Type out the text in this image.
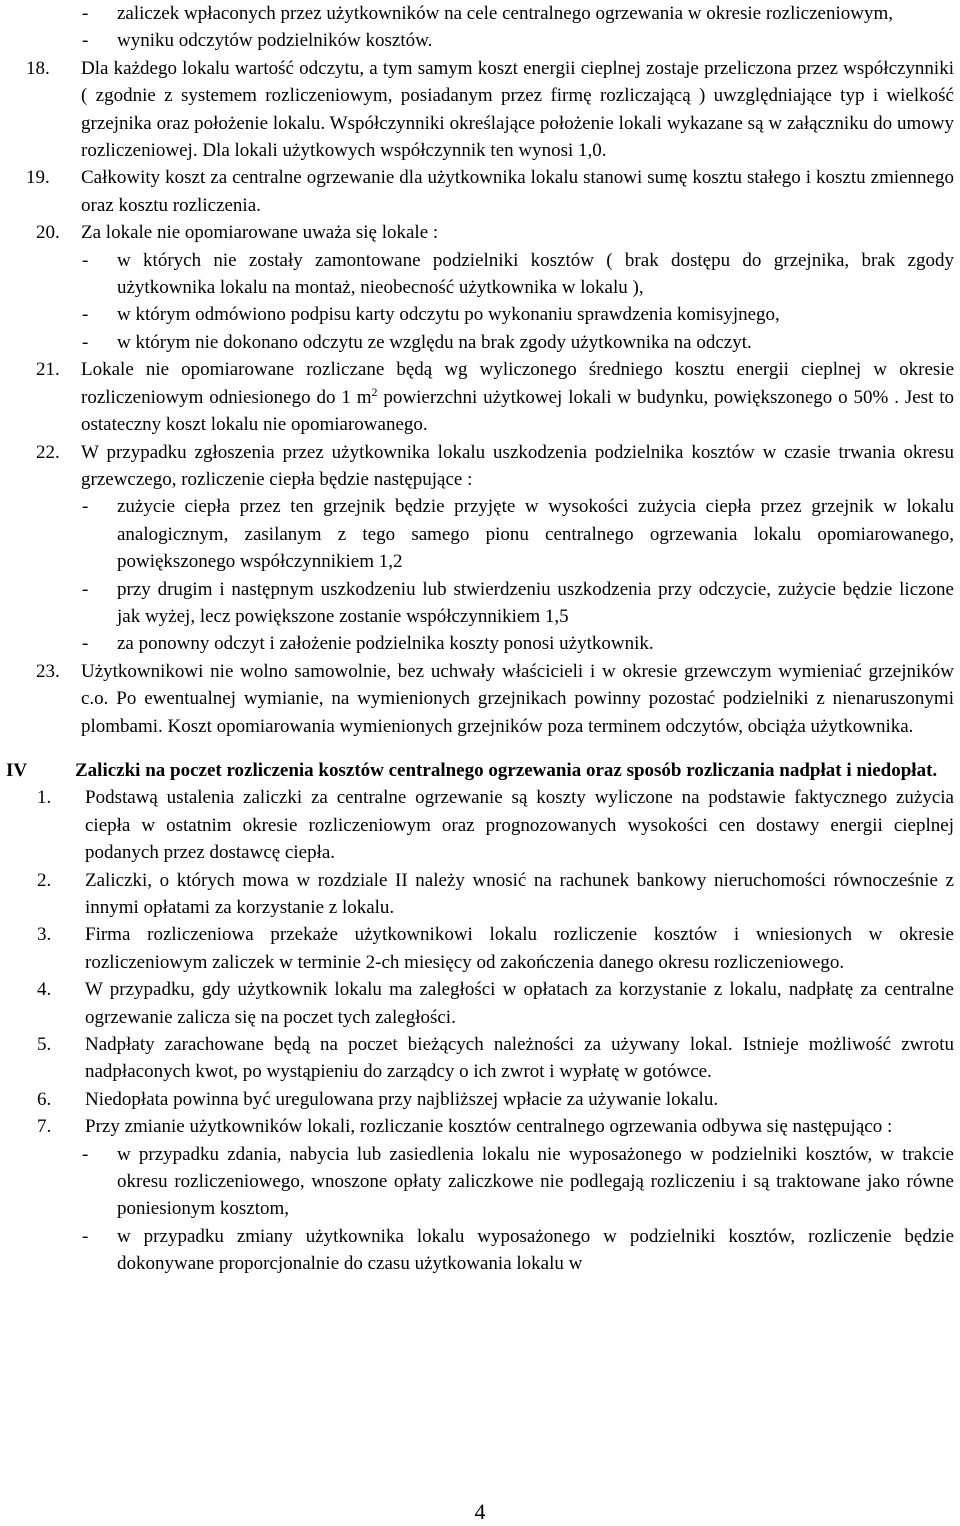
- zaliczek wpłaconych przez użytkowników na cele centralnego ogrzewania w okresie rozliczeniowym,
- wyniku odczytów podzielników kosztów.
18. Dla każdego lokalu wartość odczytu, a tym samym koszt energii cieplnej zostaje przeliczona przez współczynniki ( zgodnie z systemem rozliczeniowym, posiadanym przez firmę rozliczającą ) uwzględniające typ i wielkość grzejnika oraz położenie lokalu. Współczynniki określające położenie lokali wykazane są w załączniku do umowy rozliczeniowej. Dla lokali użytkowych współczynnik ten wynosi 1,0.
19. Całkowity koszt za centralne ogrzewanie dla użytkownika lokalu stanowi sumę kosztu stałego i kosztu zmiennego oraz kosztu rozliczenia.
20. Za lokale nie opomiarowane uważa się lokale :
- w których nie zostały zamontowane podzielniki kosztów ( brak dostępu do grzejnika, brak zgody użytkownika lokalu na montaż, nieobecność użytkownika w lokalu ),
- w którym odmówiono podpisu karty odczytu po wykonaniu sprawdzenia komisyjnego,
- w którym nie dokonano odczytu ze względu na brak zgody użytkownika na odczyt.
21. Lokale nie opomiarowane rozliczane będą wg wyliczonego średniego kosztu energii cieplnej w okresie rozliczeniowym odniesionego do 1 $m^2$ powierzchni użytkowej lokali w budynku, powiększonego o 50% . Jest to ostateczny koszt lokalu nie opomiarowanego.
22. W przypadku zgłoszenia przez użytkownika lokalu uszkodzenia podzielnika kosztów w czasie trwania okresu grzewczego, rozliczenie ciepła będzie następujące :
- zużycie ciepła przez ten grzejnik będzie przyjęte w wysokości zużycia ciepła przez grzejnik w lokalu analogicznym, zasilanym z tego samego pionu centralnego ogrzewania lokalu opomiarowanego, powiększonego współczynnikiem 1,2
- przy drugim i następnym uszkodzeniu lub stwierdzeniu uszkodzenia przy odczycie, zużycie będzie liczone jak wyżej, lecz powiększone zostanie współczynnikiem 1,5
- za ponowny odczyt i założenie podzielnika koszty ponosi użytkownik.
23. Użytkownikowi nie wolno samowolnie, bez uchwały właścicieli i w okresie grzewczym wymieniać grzejników c.o. Po ewentualnej wymianie, na wymienionych grzejnikach powinny pozostać podzielniki z nienaruszonymi plombami. Koszt opomiarowania wymienionych grzejników poza terminem odczytów, obciąża użytkownika.
IV	Zaliczki na poczet rozliczenia kosztów centralnego ogrzewania oraz sposób rozliczania nadpłat i niedopłat.
1. Podstawą ustalenia zaliczki za centralne ogrzewanie są koszty wyliczone na podstawie faktycznego zużycia ciepła w ostatnim okresie rozliczeniowym oraz prognozowanych wysokości cen dostawy energii cieplnej podanych przez dostawcę ciepła.
2. Zaliczki, o których mowa w rozdziale II należy wnosić na rachunek bankowy nieruchomości równocześnie z innymi opłatami za korzystanie z lokalu.
3. Firma rozliczeniowa przekaże użytkownikowi lokalu rozliczenie kosztów i wniesionych w okresie rozliczeniowym zaliczek w terminie 2-ch miesięcy od zakończenia danego okresu rozliczeniowego.
4. W przypadku, gdy użytkownik lokalu ma zaległości w opłatach za korzystanie z lokalu, nadpłatę za centralne ogrzewanie zalicza się na poczet tych zaległości.
5. Nadpłaty zarachowane będą na poczet bieżących należności za używany lokal. Istnieje możliwość zwrotu nadpłaconych kwot, po wystąpieniu do zarządcy o ich zwrot i wypłatę w gotówce.
6. Niedopłata powinna być uregulowana przy najbliższej wpłacie za używanie lokalu.
7. Przy zmianie użytkowników lokali, rozliczanie kosztów centralnego ogrzewania odbywa się następująco :
- w przypadku zdania, nabycia lub zasiedlenia lokalu nie wyposażonego w podzielniki kosztów, w trakcie okresu rozliczeniowego, wnoszone opłaty zaliczkowe nie podlegają rozliczeniu i są traktowane jako równe poniesionym kosztom,
- w przypadku zmiany użytkownika lokalu wyposażonego w podzielniki kosztów, rozliczenie będzie dokonywane proporcjonalnie do czasu użytkowania lokalu w
4
